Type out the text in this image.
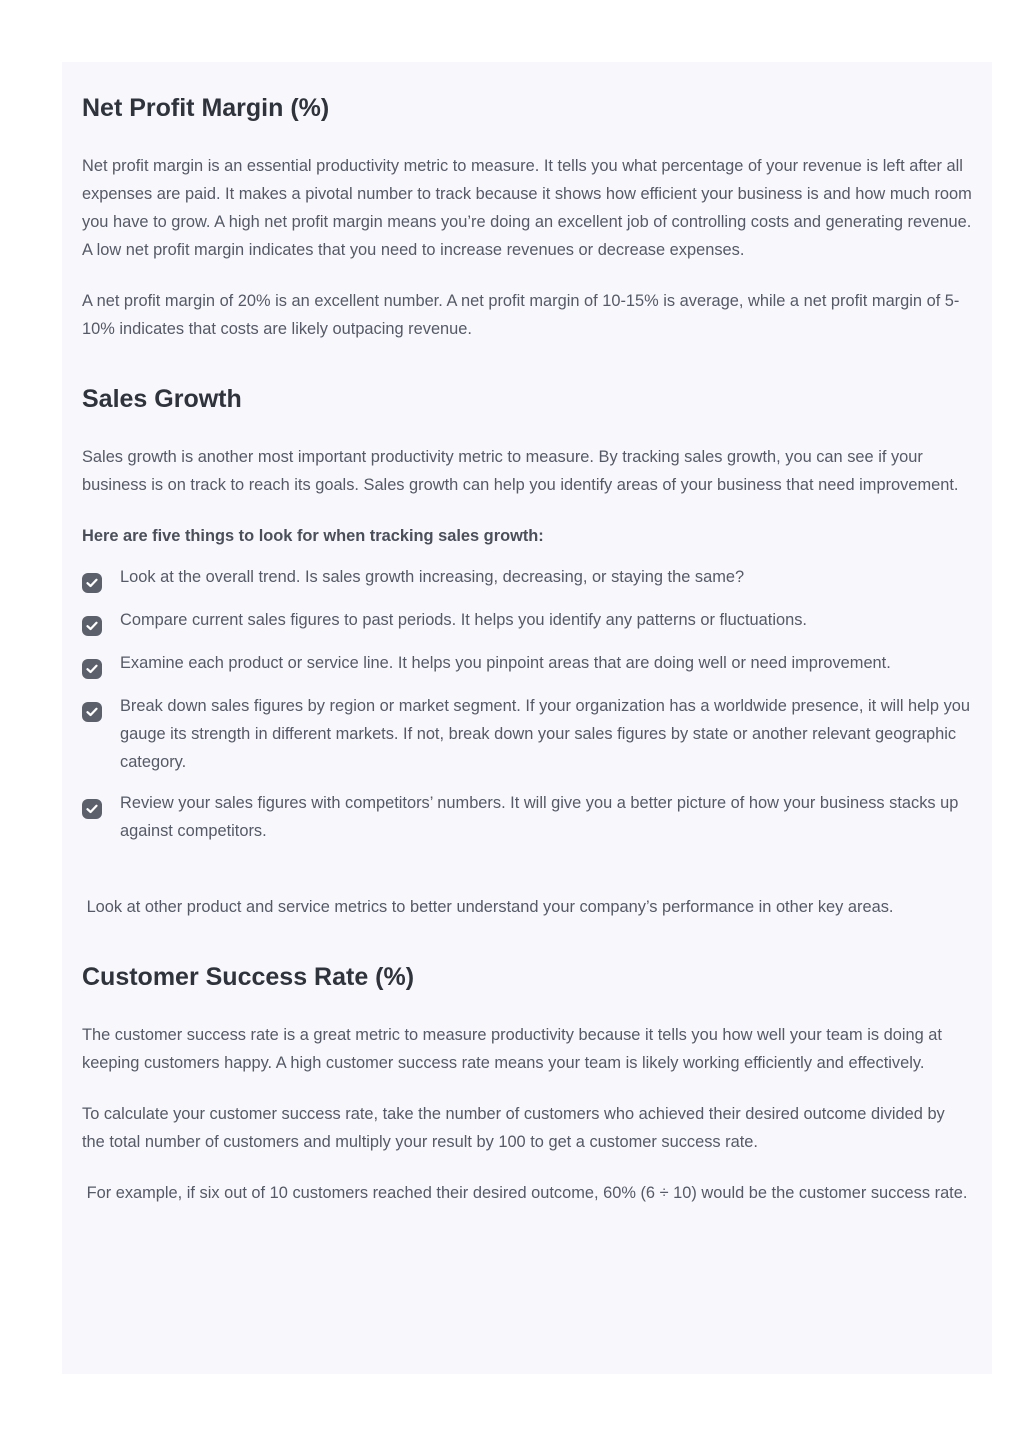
Net Profit Margin (%)

Net profit margin is an essential productivity metric to measure. It tells you what percentage of your revenue is left after all expenses are paid. It makes a pivotal number to track because it shows how efficient your business is and how much room you have to grow. A high net profit margin means you’re doing an excellent job of controlling costs and generating revenue. A low net profit margin indicates that you need to increase revenues or decrease expenses.

A net profit margin of 20% is an excellent number. A net profit margin of 10-15% is average, while a net profit margin of 5-10% indicates that costs are likely outpacing revenue.

Sales Growth

Sales growth is another most important productivity metric to measure. By tracking sales growth, you can see if your business is on track to reach its goals. Sales growth can help you identify areas of your business that need improvement.

Here are five things to look for when tracking sales growth:

Look at the overall trend. Is sales growth increasing, decreasing, or staying the same?
Compare current sales figures to past periods. It helps you identify any patterns or fluctuations.
Examine each product or service line. It helps you pinpoint areas that are doing well or need improvement.
Break down sales figures by region or market segment. If your organization has a worldwide presence, it will help you gauge its strength in different markets. If not, break down your sales figures by state or another relevant geographic category.
Review your sales figures with competitors’ numbers. It will give you a better picture of how your business stacks up against competitors.

Look at other product and service metrics to better understand your company’s performance in other key areas.

Customer Success Rate (%)

The customer success rate is a great metric to measure productivity because it tells you how well your team is doing at keeping customers happy. A high customer success rate means your team is likely working efficiently and effectively.

To calculate your customer success rate, take the number of customers who achieved their desired outcome divided by the total number of customers and multiply your result by 100 to get a customer success rate.

For example, if six out of 10 customers reached their desired outcome, 60% (6 ÷ 10) would be the customer success rate.
